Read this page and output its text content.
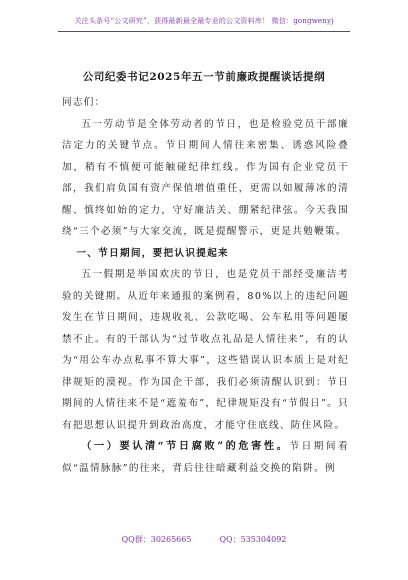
关注头条号“公文研究”，获得最新最全最专业的公文资料库！ 微信：gongwenyj
公司纪委书记2025年五一节前廉政提醒谈话提纲

同志们：

五一劳动节是全体劳动者的节日，也是检验党员干部廉洁定力的关键节点。节日期间人情往来密集、诱惑风险叠加，稍有不慎便可能触碰纪律红线。作为国有企业党员干部，我们肩负国有资产保值增值重任，更需以如履薄冰的清醒、慎终如始的定力，守好廉洁关、绷紧纪律弦。今天我围绕“三个必须”与大家交流，既是提醒警示，更是共勉鞭策。

一、节日期间，要把认识提起来

五一假期是举国欢庆的节日，也是党员干部经受廉洁考验的关键期。从近年来通报的案例看，80%以上的违纪问题发生在节日期间，违规收礼、公款吃喝、公车私用等问题屡禁不止。有的干部认为“过节收点礼品是人情往来”，有的认为“用公车办点私事不算大事”，这些错误认识本质上是对纪律规矩的漠视。作为国企干部，我们必须清醒认识到：节日期间的人情往来不是“遮羞布”，纪律规矩没有“节假日”。只有把思想认识提升到政治高度，才能守住底线、防住风险。

（一）要认清“节日腐败”的危害性。节日期间看似“温情脉脉”的往来，背后往往暗藏利益交换的陷阱。例

QQ群：30265665	QQ：535304092
